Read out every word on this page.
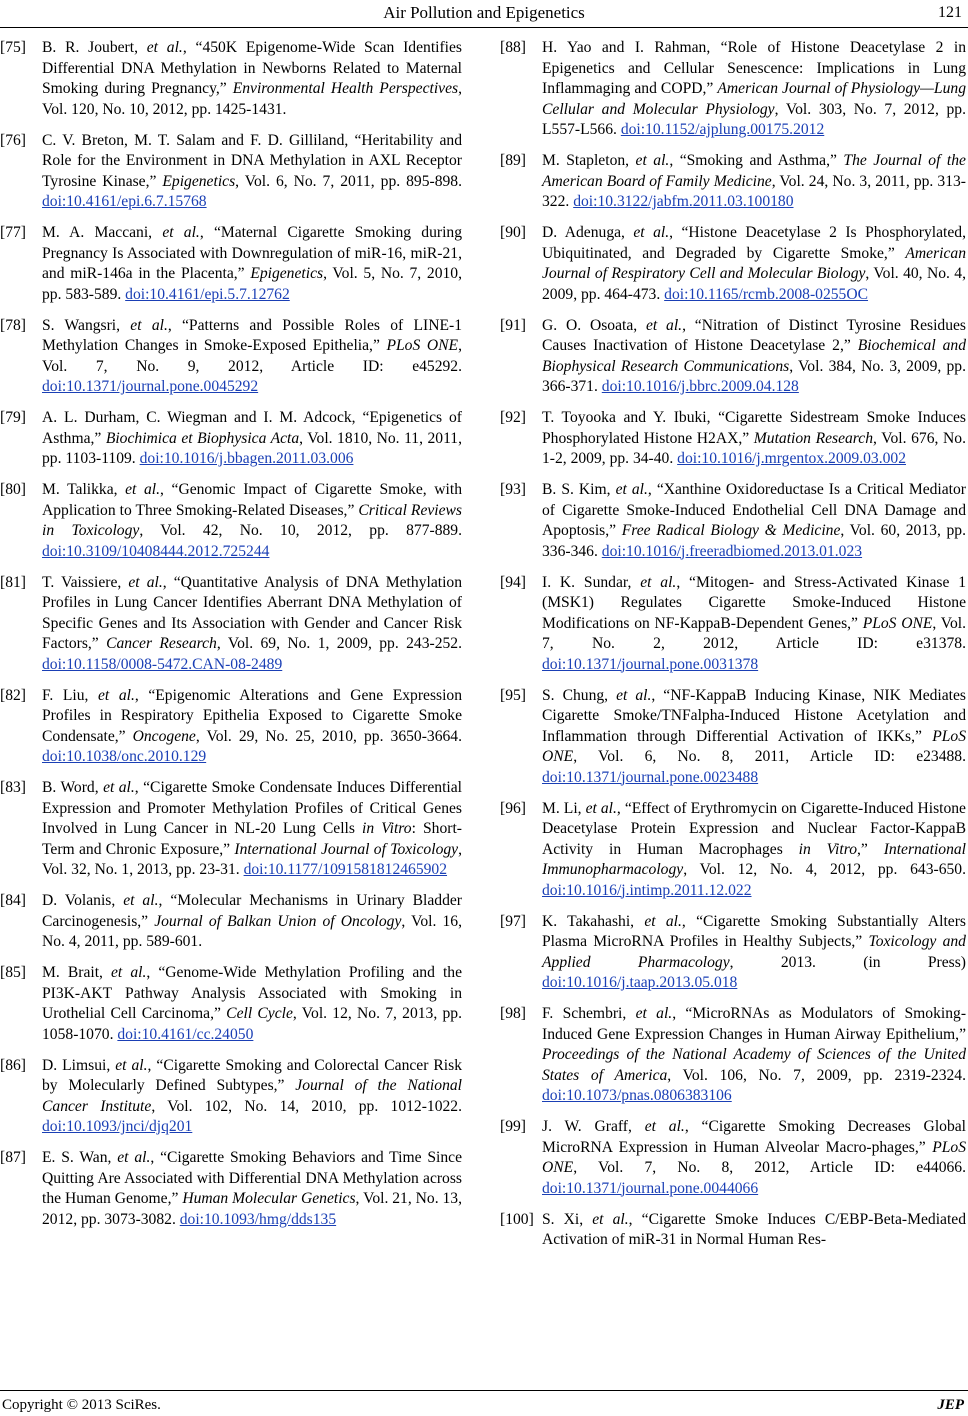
Air Pollution and Epigenetics	121
[75] B. R. Joubert, et al., “450K Epigenome-Wide Scan Identifies Differential DNA Methylation in Newborns Related to Maternal Smoking during Pregnancy,” Environmental Health Perspectives, Vol. 120, No. 10, 2012, pp. 1425-1431.
[76] C. V. Breton, M. T. Salam and F. D. Gilliland, “Heritability and Role for the Environment in DNA Methylation in AXL Receptor Tyrosine Kinase,” Epigenetics, Vol. 6, No. 7, 2011, pp. 895-898. doi:10.4161/epi.6.7.15768
[77] M. A. Maccani, et al., “Maternal Cigarette Smoking during Pregnancy Is Associated with Downregulation of miR-16, miR-21, and miR-146a in the Placenta,” Epigenetics, Vol. 5, No. 7, 2010, pp. 583-589. doi:10.4161/epi.5.7.12762
[78] S. Wangsri, et al., “Patterns and Possible Roles of LINE-1 Methylation Changes in Smoke-Exposed Epithelia,” PLoS ONE, Vol. 7, No. 9, 2012, Article ID: e45292. doi:10.1371/journal.pone.0045292
[79] A. L. Durham, C. Wiegman and I. M. Adcock, “Epigenetics of Asthma,” Biochimica et Biophysica Acta, Vol. 1810, No. 11, 2011, pp. 1103-1109. doi:10.1016/j.bbagen.2011.03.006
[80] M. Talikka, et al., “Genomic Impact of Cigarette Smoke, with Application to Three Smoking-Related Diseases,” Critical Reviews in Toxicology, Vol. 42, No. 10, 2012, pp. 877-889. doi:10.3109/10408444.2012.725244
[81] T. Vaissiere, et al., “Quantitative Analysis of DNA Methylation Profiles in Lung Cancer Identifies Aberrant DNA Methylation of Specific Genes and Its Association with Gender and Cancer Risk Factors,” Cancer Research, Vol. 69, No. 1, 2009, pp. 243-252. doi:10.1158/0008-5472.CAN-08-2489
[82] F. Liu, et al., “Epigenomic Alterations and Gene Expression Profiles in Respiratory Epithelia Exposed to Cigarette Smoke Condensate,” Oncogene, Vol. 29, No. 25, 2010, pp. 3650-3664. doi:10.1038/onc.2010.129
[83] B. Word, et al., “Cigarette Smoke Condensate Induces Differential Expression and Promoter Methylation Profiles of Critical Genes Involved in Lung Cancer in NL-20 Lung Cells in Vitro: Short-Term and Chronic Exposure,” International Journal of Toxicology, Vol. 32, No. 1, 2013, pp. 23-31. doi:10.1177/1091581812465902
[84] D. Volanis, et al., “Molecular Mechanisms in Urinary Bladder Carcinogenesis,” Journal of Balkan Union of Oncology, Vol. 16, No. 4, 2011, pp. 589-601.
[85] M. Brait, et al., “Genome-Wide Methylation Profiling and the PI3K-AKT Pathway Analysis Associated with Smoking in Urothelial Cell Carcinoma,” Cell Cycle, Vol. 12, No. 7, 2013, pp. 1058-1070. doi:10.4161/cc.24050
[86] D. Limsui, et al., “Cigarette Smoking and Colorectal Cancer Risk by Molecularly Defined Subtypes,” Journal of the National Cancer Institute, Vol. 102, No. 14, 2010, pp. 1012-1022. doi:10.1093/jnci/djq201
[87] E. S. Wan, et al., “Cigarette Smoking Behaviors and Time Since Quitting Are Associated with Differential DNA Methylation across the Human Genome,” Human Molecular Genetics, Vol. 21, No. 13, 2012, pp. 3073-3082. doi:10.1093/hmg/dds135
[88] H. Yao and I. Rahman, “Role of Histone Deacetylase 2 in Epigenetics and Cellular Senescence: Implications in Lung Inflammaging and COPD,” American Journal of Physiology—Lung Cellular and Molecular Physiology, Vol. 303, No. 7, 2012, pp. L557-L566. doi:10.1152/ajplung.00175.2012
[89] M. Stapleton, et al., “Smoking and Asthma,” The Journal of the American Board of Family Medicine, Vol. 24, No. 3, 2011, pp. 313-322. doi:10.3122/jabfm.2011.03.100180
[90] D. Adenuga, et al., “Histone Deacetylase 2 Is Phosphorylated, Ubiquitinated, and Degraded by Cigarette Smoke,” American Journal of Respiratory Cell and Molecular Biology, Vol. 40, No. 4, 2009, pp. 464-473. doi:10.1165/rcmb.2008-0255OC
[91] G. O. Osoata, et al., “Nitration of Distinct Tyrosine Residues Causes Inactivation of Histone Deacetylase 2,” Biochemical and Biophysical Research Communications, Vol. 384, No. 3, 2009, pp. 366-371. doi:10.1016/j.bbrc.2009.04.128
[92] T. Toyooka and Y. Ibuki, “Cigarette Sidestream Smoke Induces Phosphorylated Histone H2AX,” Mutation Research, Vol. 676, No. 1-2, 2009, pp. 34-40. doi:10.1016/j.mrgentox.2009.03.002
[93] B. S. Kim, et al., “Xanthine Oxidoreductase Is a Critical Mediator of Cigarette Smoke-Induced Endothelial Cell DNA Damage and Apoptosis,” Free Radical Biology & Medicine, Vol. 60, 2013, pp. 336-346. doi:10.1016/j.freeradbiomed.2013.01.023
[94] I. K. Sundar, et al., “Mitogen- and Stress-Activated Kinase 1 (MSK1) Regulates Cigarette Smoke-Induced Histone Modifications on NF-KappaB-Dependent Genes,” PLoS ONE, Vol. 7, No. 2, 2012, Article ID: e31378. doi:10.1371/journal.pone.0031378
[95] S. Chung, et al., “NF-KappaB Inducing Kinase, NIK Mediates Cigarette Smoke/TNFalpha-Induced Histone Acetylation and Inflammation through Differential Activation of IKKs,” PLoS ONE, Vol. 6, No. 8, 2011, Article ID: e23488. doi:10.1371/journal.pone.0023488
[96] M. Li, et al., “Effect of Erythromycin on Cigarette-Induced Histone Deacetylase Protein Expression and Nuclear Factor-KappaB Activity in Human Macrophages in Vitro,” International Immunopharmacology, Vol. 12, No. 4, 2012, pp. 643-650. doi:10.1016/j.intimp.2011.12.022
[97] K. Takahashi, et al., “Cigarette Smoking Substantially Alters Plasma MicroRNA Profiles in Healthy Subjects,” Toxicology and Applied Pharmacology, 2013. (in Press) doi:10.1016/j.taap.2013.05.018
[98] F. Schembri, et al., “MicroRNAs as Modulators of Smoking-Induced Gene Expression Changes in Human Airway Epithelium,” Proceedings of the National Academy of Sciences of the United States of America, Vol. 106, No. 7, 2009, pp. 2319-2324. doi:10.1073/pnas.0806383106
[99] J. W. Graff, et al., “Cigarette Smoking Decreases Global MicroRNA Expression in Human Alveolar Macro-phages,” PLoS ONE, Vol. 7, No. 8, 2012, Article ID: e44066. doi:10.1371/journal.pone.0044066
[100] S. Xi, et al., “Cigarette Smoke Induces C/EBP-Beta-Mediated Activation of miR-31 in Normal Human Res-
Copyright © 2013 SciRes.	JEP
